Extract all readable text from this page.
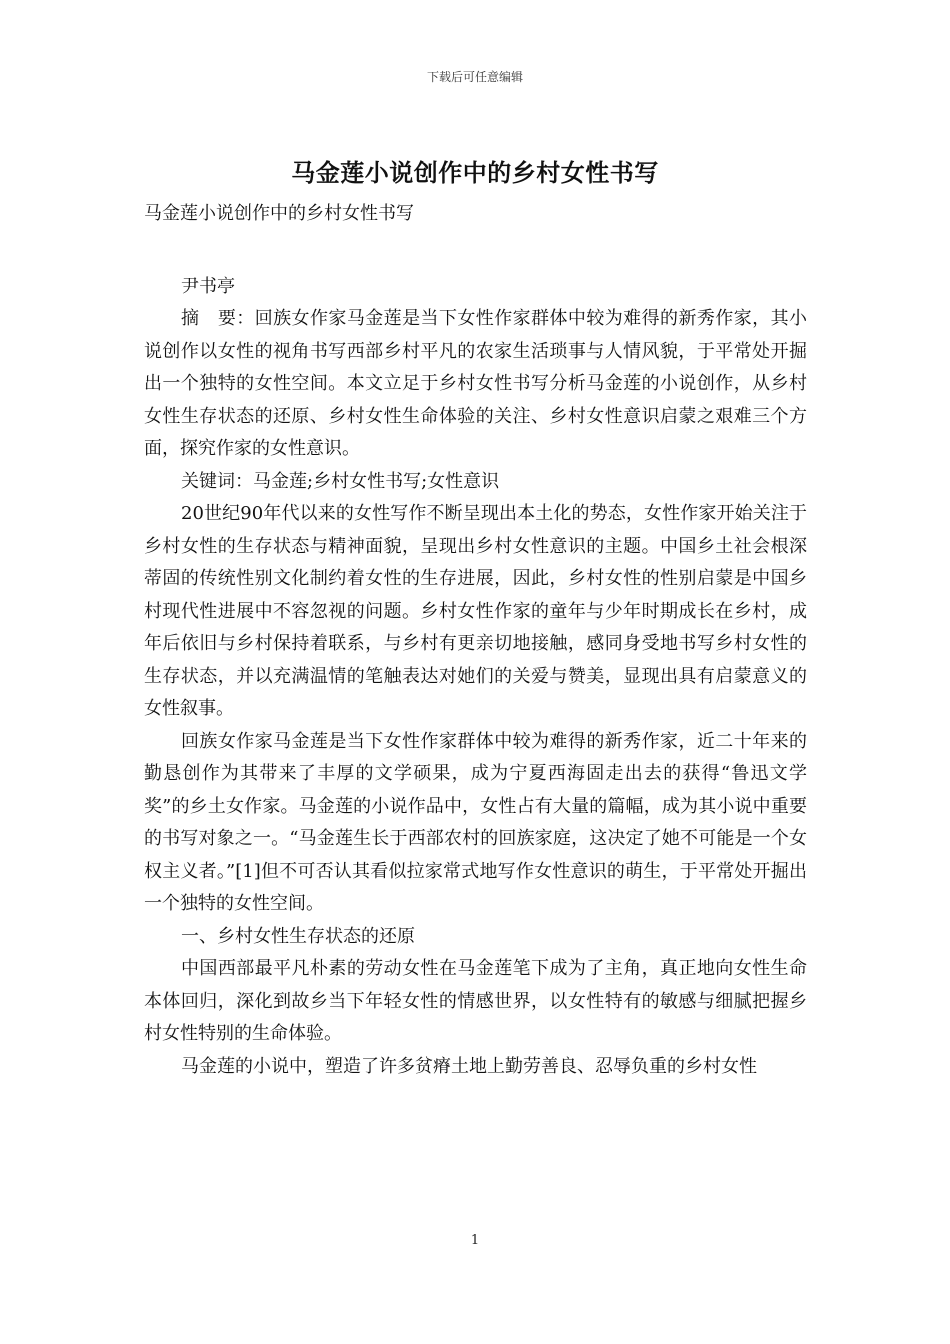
下载后可任意编辑
马金莲小说创作中的乡村女性书写

马金莲小说创作中的乡村女性书写

尹书亭

摘　要：回族女作家马金莲是当下女性作家群体中较为难得的新秀作家，其小说创作以女性的视角书写西部乡村平凡的农家生活琐事与人情风貌，于平常处开掘出一个独特的女性空间。本文立足于乡村女性书写分析马金莲的小说创作，从乡村女性生存状态的还原、乡村女性生命体验的关注、乡村女性意识启蒙之艰难三个方面，探究作家的女性意识。

关键词：马金莲;乡村女性书写;女性意识

20世纪90年代以来的女性写作不断呈现出本土化的势态，女性作家开始关注于乡村女性的生存状态与精神面貌，呈现出乡村女性意识的主题。中国乡土社会根深蒂固的传统性别文化制约着女性的生存进展，因此，乡村女性的性别启蒙是中国乡村现代性进展中不容忽视的问题。乡村女性作家的童年与少年时期成长在乡村，成年后依旧与乡村保持着联系，与乡村有更亲切地接触，感同身受地书写乡村女性的生存状态，并以充满温情的笔触表达对她们的关爱与赞美，显现出具有启蒙意义的女性叙事。

回族女作家马金莲是当下女性作家群体中较为难得的新秀作家，近二十年来的勤恳创作为其带来了丰厚的文学硕果，成为宁夏西海固走出去的获得“鲁迅文学奖”的乡土女作家。马金莲的小说作品中，女性占有大量的篇幅，成为其小说中重要的书写对象之一。“马金莲生长于西部农村的回族家庭，这决定了她不可能是一个女权主义者。”[1]但不可否认其看似拉家常式地写作女性意识的萌生，于平常处开掘出一个独特的女性空间。

一、乡村女性生存状态的还原

中国西部最平凡朴素的劳动女性在马金莲笔下成为了主角，真正地向女性生命本体回归，深化到故乡当下年轻女性的情感世界，以女性特有的敏感与细腻把握乡村女性特别的生命体验。

马金莲的小说中，塑造了许多贫瘠土地上勤劳善良、忍辱负重的乡村女性

1
